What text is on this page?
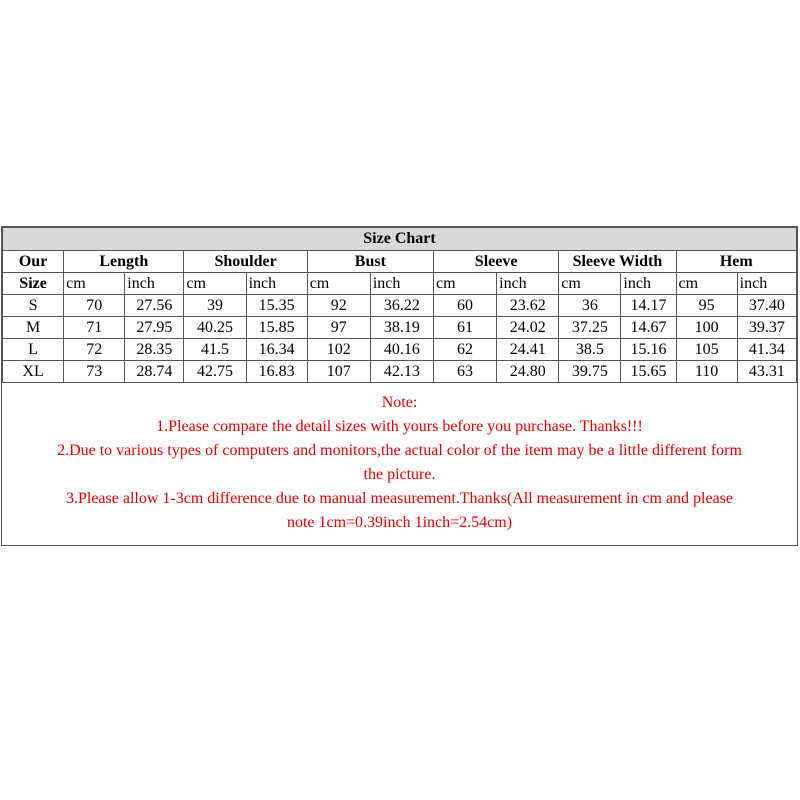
Size Chart												
Our	Length		Shoulder		Bust		Sleeve		Sleeve Width		Hem	
Size	cm	inch	cm	inch	cm	inch	cm	inch	cm	inch	cm	inch
S	70	27.56	39	15.35	92	36.22	60	23.62	36	14.17	95	37.40
M	71	27.95	40.25	15.85	97	38.19	61	24.02	37.25	14.67	100	39.37
L	72	28.35	41.5	16.34	102	40.16	62	24.41	38.5	15.16	105	41.34
XL	73	28.74	42.75	16.83	107	42.13	63	24.80	39.75	15.65	110	43.31
Note:
1.Please compare the detail sizes with yours before you purchase. Thanks!!!
2.Due to various types of computers and monitors,the actual color of the item may be a little different form
the picture.
3.Please allow 1-3cm difference due to manual measurement.Thanks(All measurement in cm and please
note 1cm=0.39inch 1inch=2.54cm)
